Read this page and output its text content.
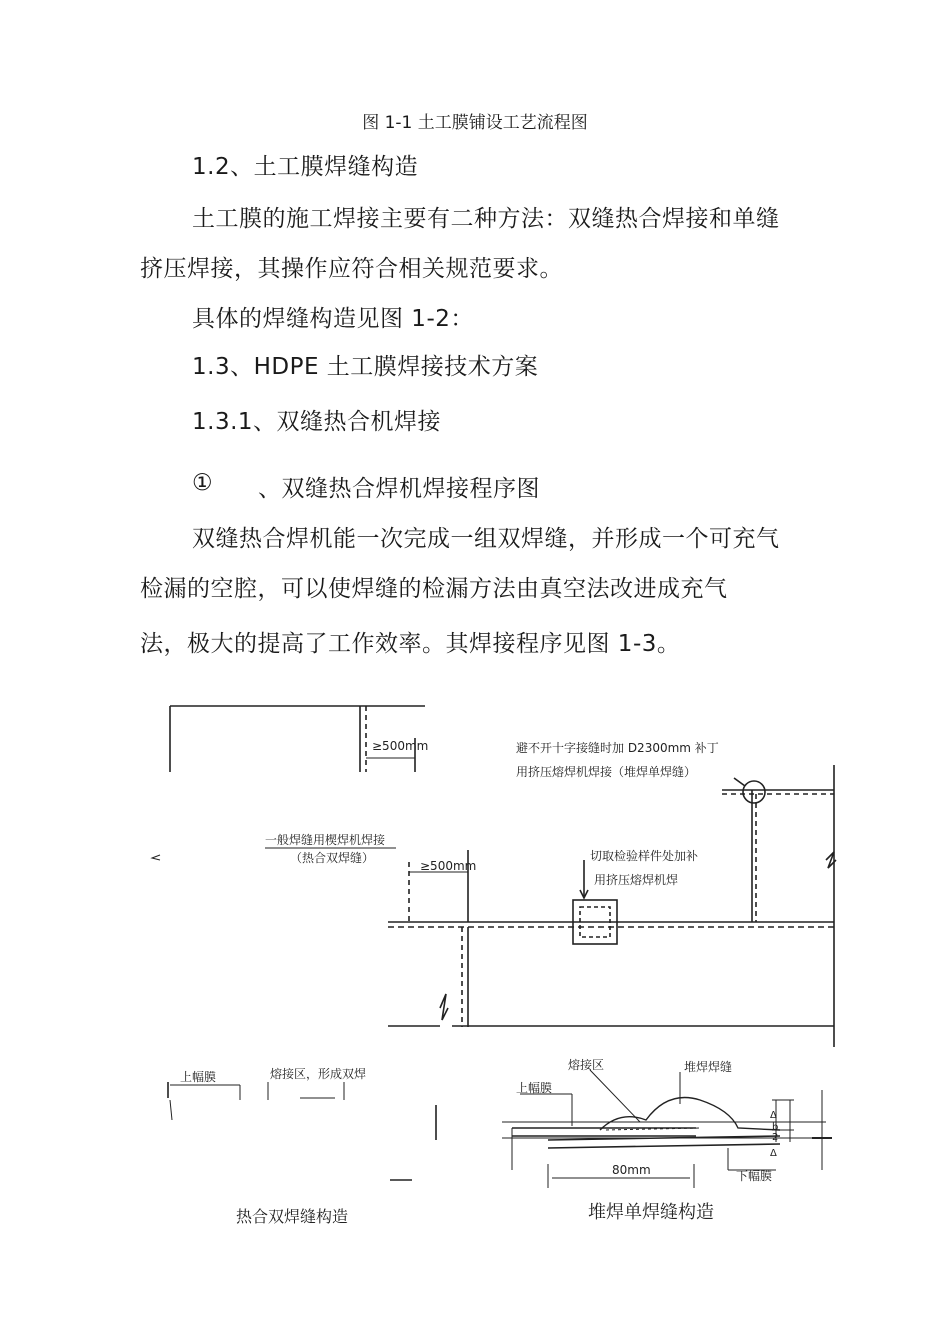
图 1-1 土工膜铺设工艺流程图
1.2、土工膜焊缝构造
土工膜的施工焊接主要有二种方法：双缝热合焊接和单缝
挤压焊接，其操作应符合相关规范要求。
具体的焊缝构造见图 1-2：
1.3、HDPE 土工膜焊接技术方案
1.3.1、双缝热合机焊接
① 、双缝热合焊机焊接程序图
双缝热合焊机能一次完成一组双焊缝，并形成一个可充气
检漏的空腔，可以使焊缝的检漏方法由真空法改进成充气
法，极大的提高了工作效率。其焊接程序见图 1-3。
≥500mm	避不开十字接缝时加 D2300mm 补丁
用挤压熔焊机焊接（堆焊单焊缝）
一般焊缝用楔焊机焊接
（热合双焊缝）
≥500mm
切取检验样件处加补
用挤压熔焊机焊
上幅膜	熔接区，形成双焊
熔接区	堆焊焊缝
上幅膜
80mm	下幅膜
Δ
b
2
Δ
热合双焊缝构造	堆焊单焊缝构造
